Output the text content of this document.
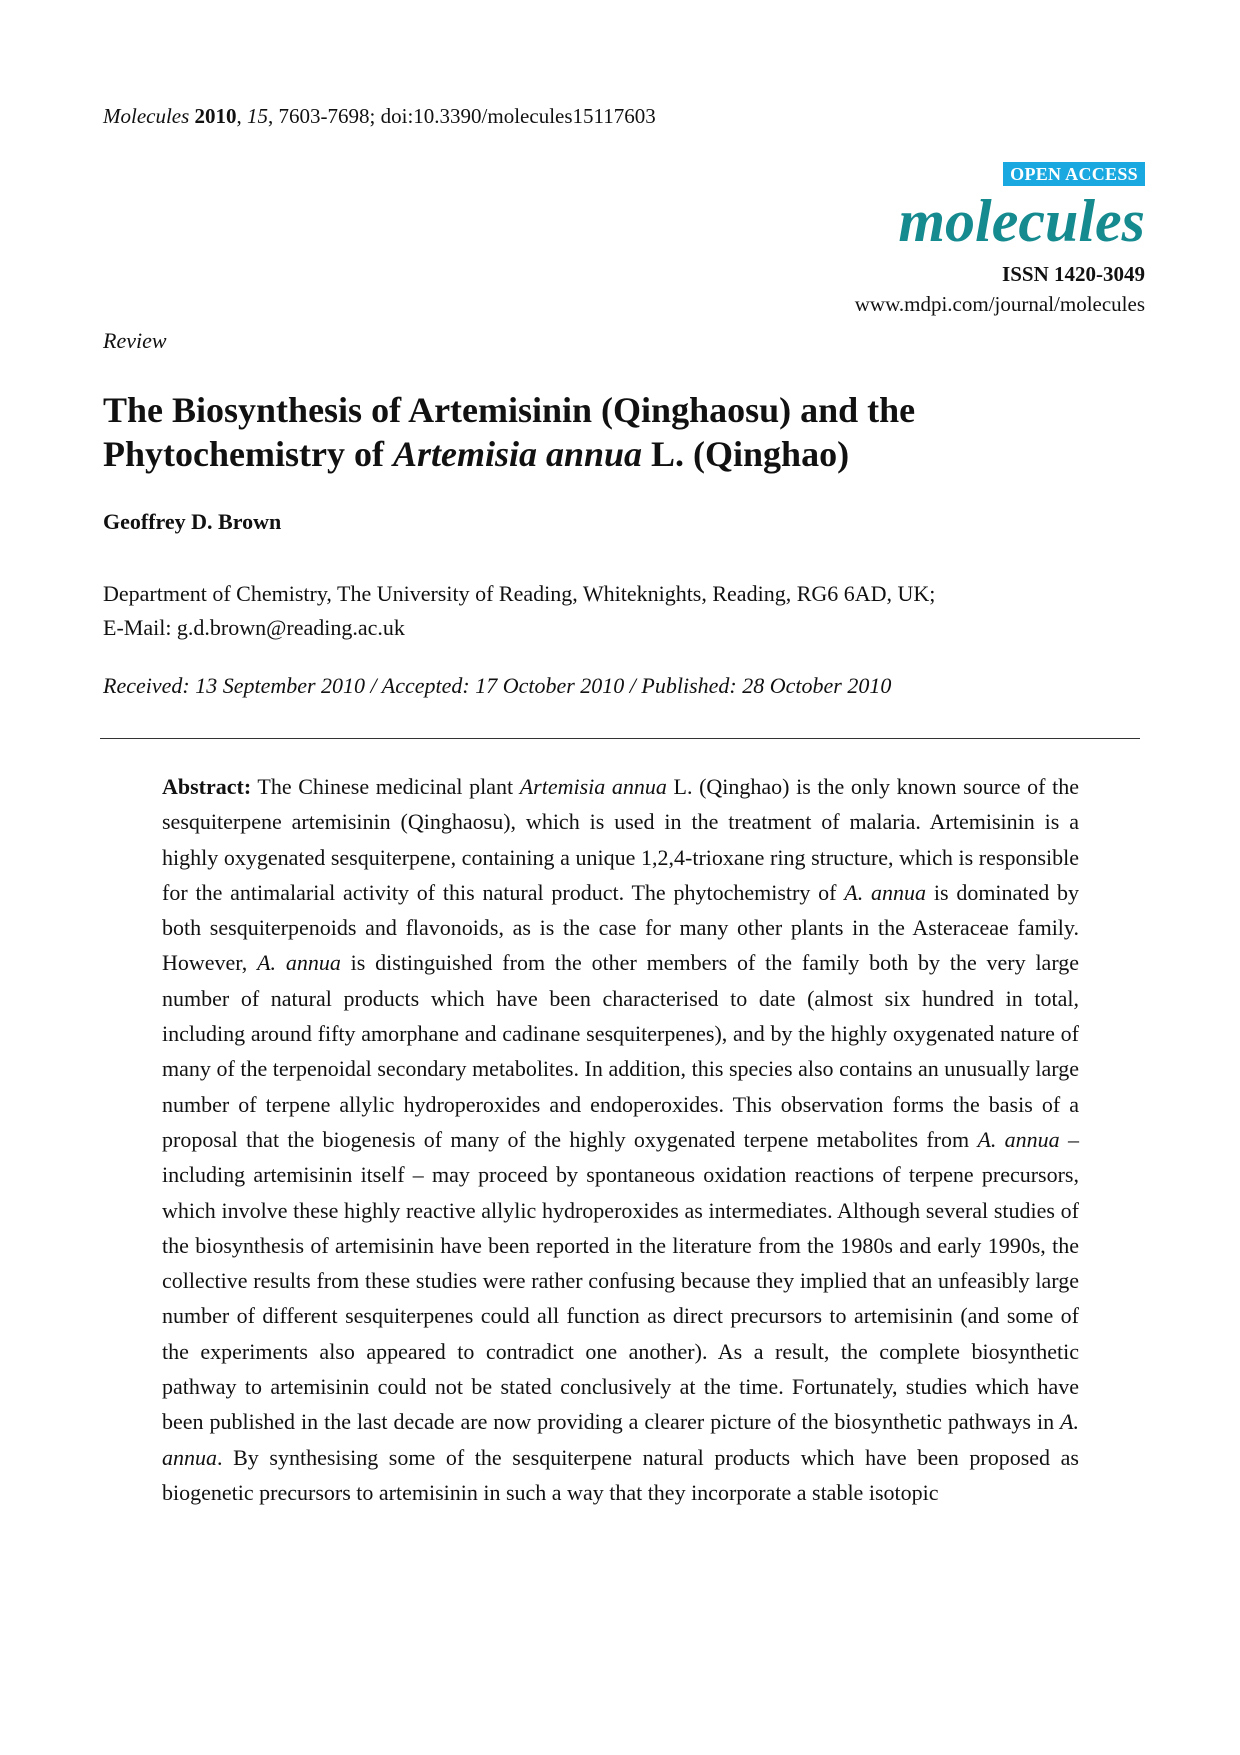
Molecules 2010, 15, 7603-7698; doi:10.3390/molecules15117603
OPEN ACCESS
molecules
ISSN 1420-3049
www.mdpi.com/journal/molecules
Review
The Biosynthesis of Artemisinin (Qinghaosu) and the Phytochemistry of Artemisia annua L. (Qinghao)
Geoffrey D. Brown
Department of Chemistry, The University of Reading, Whiteknights, Reading, RG6 6AD, UK;
E-Mail: g.d.brown@reading.ac.uk
Received: 13 September 2010 / Accepted: 17 October 2010 / Published: 28 October 2010

Abstract: The Chinese medicinal plant Artemisia annua L. (Qinghao) is the only known source of the sesquiterpene artemisinin (Qinghaosu), which is used in the treatment of malaria. Artemisinin is a highly oxygenated sesquiterpene, containing a unique 1,2,4-trioxane ring structure, which is responsible for the antimalarial activity of this natural product. The phytochemistry of A. annua is dominated by both sesquiterpenoids and flavonoids, as is the case for many other plants in the Asteraceae family. However, A. annua is distinguished from the other members of the family both by the very large number of natural products which have been characterised to date (almost six hundred in total, including around fifty amorphane and cadinane sesquiterpenes), and by the highly oxygenated nature of many of the terpenoidal secondary metabolites. In addition, this species also contains an unusually large number of terpene allylic hydroperoxides and endoperoxides. This observation forms the basis of a proposal that the biogenesis of many of the highly oxygenated terpene metabolites from A. annua – including artemisinin itself – may proceed by spontaneous oxidation reactions of terpene precursors, which involve these highly reactive allylic hydroperoxides as intermediates. Although several studies of the biosynthesis of artemisinin have been reported in the literature from the 1980s and early 1990s, the collective results from these studies were rather confusing because they implied that an unfeasibly large number of different sesquiterpenes could all function as direct precursors to artemisinin (and some of the experiments also appeared to contradict one another). As a result, the complete biosynthetic pathway to artemisinin could not be stated conclusively at the time. Fortunately, studies which have been published in the last decade are now providing a clearer picture of the biosynthetic pathways in A. annua. By synthesising some of the sesquiterpene natural products which have been proposed as biogenetic precursors to artemisinin in such a way that they incorporate a stable isotopic
